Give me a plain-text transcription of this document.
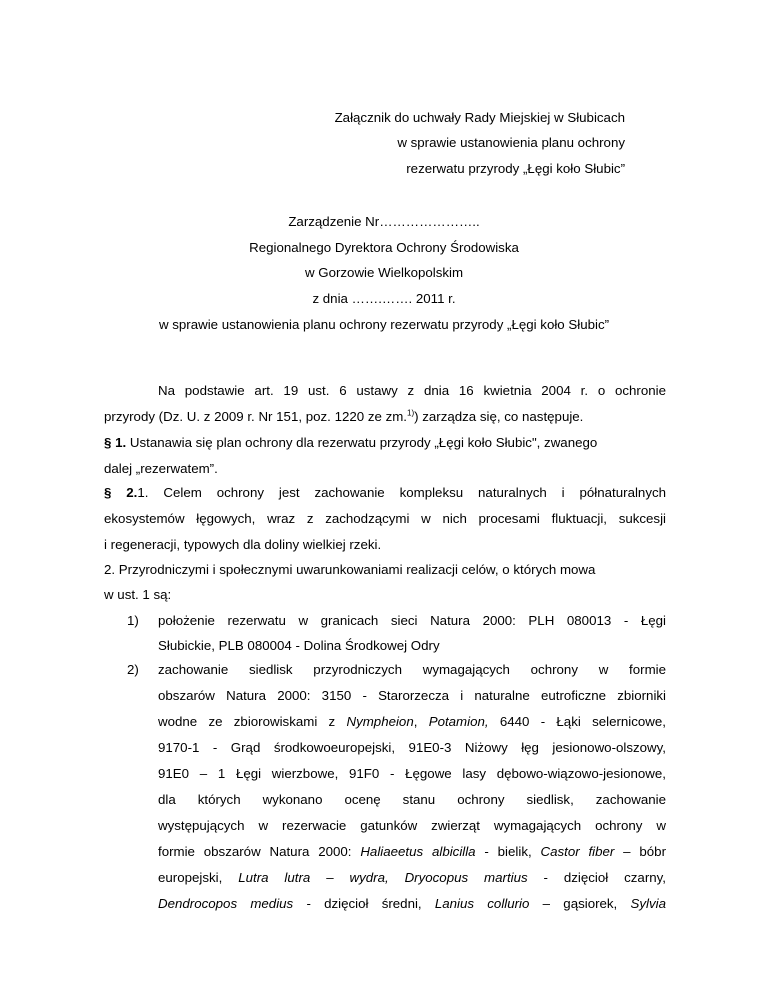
Załącznik do uchwały Rady Miejskiej w Słubicach
w sprawie ustanowienia planu ochrony
rezerwatu przyrody „Łęgi koło Słubic”
Zarządzenie Nr…………………..
Regionalnego Dyrektora Ochrony Środowiska
w Gorzowie Wielkopolskim
z dnia …….……. 2011 r.
w sprawie ustanowienia planu ochrony rezerwatu przyrody „Łęgi koło Słubic”
Na podstawie art. 19 ust. 6 ustawy z dnia 16 kwietnia 2004 r. o ochronie
przyrody (Dz. U. z 2009 r. Nr 151, poz. 1220 ze zm.$^{1)}$) zarządza się, co następuje.
§ 1. Ustanawia się plan ochrony dla rezerwatu przyrody „Łęgi koło Słubic", zwanego
dalej „rezerwatem”.
§ 2.1. Celem ochrony jest zachowanie kompleksu naturalnych i półnaturalnych
ekosystemów łęgowych, wraz z zachodzącymi w nich procesami fluktuacji, sukcesji
i regeneracji, typowych dla doliny wielkiej rzeki.
2. Przyrodniczymi i społecznymi uwarunkowaniami realizacji celów, o których mowa
w ust. 1 są:
1) położenie rezerwatu w granicach sieci Natura 2000: PLH 080013 - Łęgi
Słubickie, PLB 080004 - Dolina Środkowej Odry
2) zachowanie siedlisk przyrodniczych wymagających ochrony w formie
obszarów Natura 2000: 3150 - Starorzecza i naturalne eutroficzne zbiorniki
wodne ze zbiorowiskami z Nympheion, Potamion, 6440 - Łąki selernicowe,
9170-1 - Grąd środkowoeuropejski, 91E0-3 Niżowy łęg jesionowo-olszowy,
91E0 – 1 Łęgi wierzbowe, 91F0 - Łęgowe lasy dębowo-wiązowo-jesionowe,
dla których wykonano ocenę stanu ochrony siedlisk, zachowanie
występujących w rezerwacie gatunków zwierząt wymagających ochrony w
formie obszarów Natura 2000: Haliaeetus albicilla - bielik, Castor fiber – bóbr
europejski, Lutra lutra – wydra, Dryocopus martius - dzięcioł czarny,
Dendrocopos medius - dzięcioł średni, Lanius collurio – gąsiorek, Sylvia
